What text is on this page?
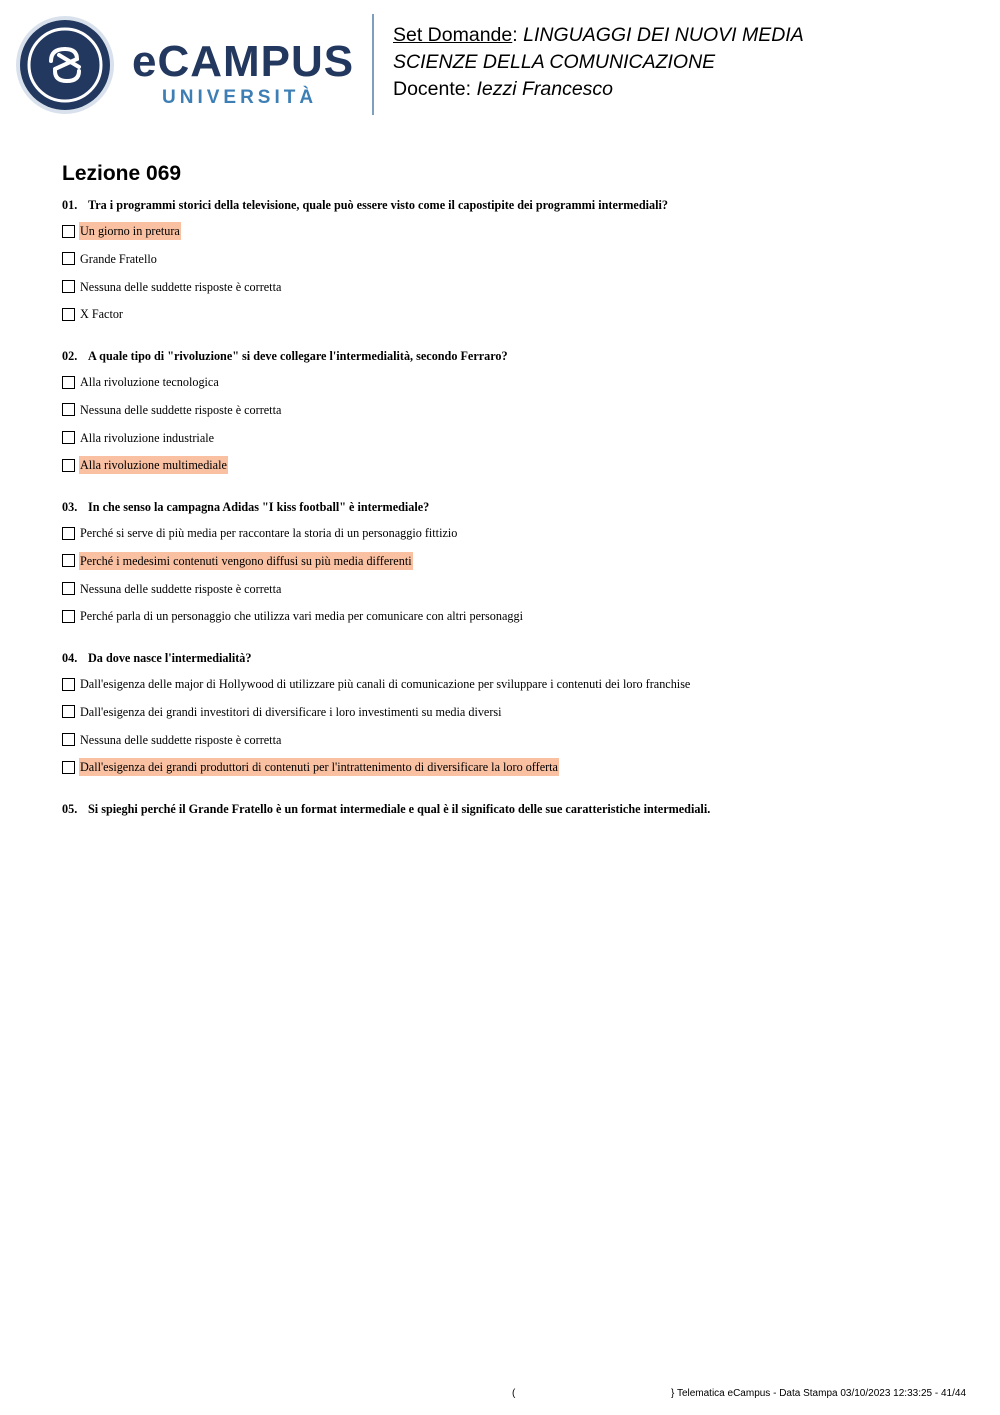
eCAMPUS
UNIVERSITÀ
Set Domande: LINGUAGGI DEI NUOVI MEDIA
SCIENZE DELLA COMUNICAZIONE
Docente: Iezzi Francesco
Lezione 069
01. Tra i programmi storici della televisione, quale può essere visto come il capostipite dei programmi intermediali?
Un giorno in pretura
Grande Fratello
Nessuna delle suddette risposte è corretta
X Factor
02. A quale tipo di "rivoluzione" si deve collegare l'intermedialità, secondo Ferraro?
Alla rivoluzione tecnologica
Nessuna delle suddette risposte è corretta
Alla rivoluzione industriale
Alla rivoluzione multimediale
03. In che senso la campagna Adidas "I kiss football" è intermediale?
Perché si serve di più media per raccontare la storia di un personaggio fittizio
Perché i medesimi contenuti vengono diffusi su più media differenti
Nessuna delle suddette risposte è corretta
Perché parla di un personaggio che utilizza vari media per comunicare con altri personaggi
04. Da dove nasce l'intermedialità?
Dall'esigenza delle major di Hollywood di utilizzare più canali di comunicazione per sviluppare i contenuti dei loro franchise
Dall'esigenza dei grandi investitori di diversificare i loro investimenti su media diversi
Nessuna delle suddette risposte è corretta
Dall'esigenza dei grandi produttori di contenuti per l'intrattenimento di diversificare la loro offerta
05. Si spieghi perché il Grande Fratello è un format intermediale e qual è il significato delle sue caratteristiche intermediali.
(	} Telematica eCampus - Data Stampa 03/10/2023 12:33:25 - 41/44
